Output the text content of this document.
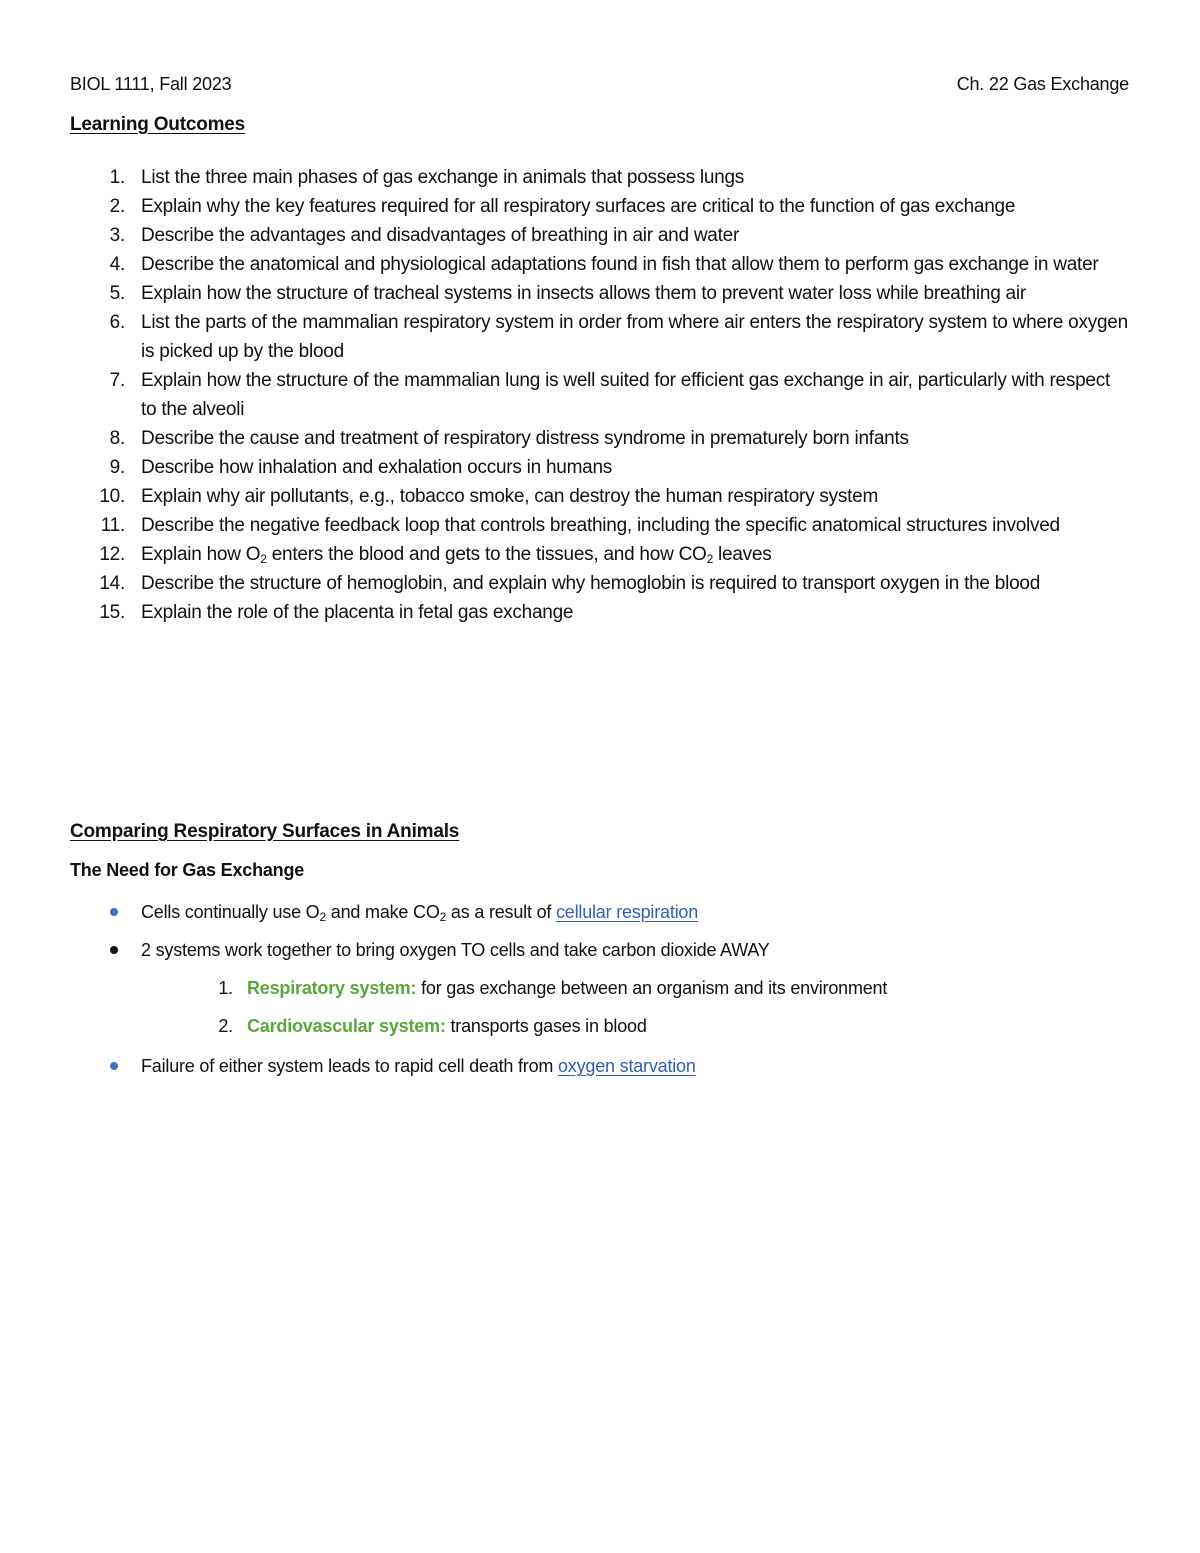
BIOL 1111, Fall 2023	Ch. 22 Gas Exchange
Learning Outcomes
1. List the three main phases of gas exchange in animals that possess lungs
2. Explain why the key features required for all respiratory surfaces are critical to the function of gas exchange
3. Describe the advantages and disadvantages of breathing in air and water
4. Describe the anatomical and physiological adaptations found in fish that allow them to perform gas exchange in water
5. Explain how the structure of tracheal systems in insects allows them to prevent water loss while breathing air
6. List the parts of the mammalian respiratory system in order from where air enters the respiratory system to where oxygen is picked up by the blood
7. Explain how the structure of the mammalian lung is well suited for efficient gas exchange in air, particularly with respect to the alveoli
8. Describe the cause and treatment of respiratory distress syndrome in prematurely born infants
9. Describe how inhalation and exhalation occurs in humans
10. Explain why air pollutants, e.g., tobacco smoke, can destroy the human respiratory system
11. Describe the negative feedback loop that controls breathing, including the specific anatomical structures involved
12. Explain how $O_2$ enters the blood and gets to the tissues, and how $CO_2$ leaves
14. Describe the structure of hemoglobin, and explain why hemoglobin is required to transport oxygen in the blood
15. Explain the role of the placenta in fetal gas exchange
Comparing Respiratory Surfaces in Animals
The Need for Gas Exchange
Cells continually use $O_2$ and make $CO_2$ as a result of cellular respiration
2 systems work together to bring oxygen TO cells and take carbon dioxide AWAY
1. Respiratory system: for gas exchange between an organism and its environment
2. Cardiovascular system: transports gases in blood
Failure of either system leads to rapid cell death from oxygen starvation
